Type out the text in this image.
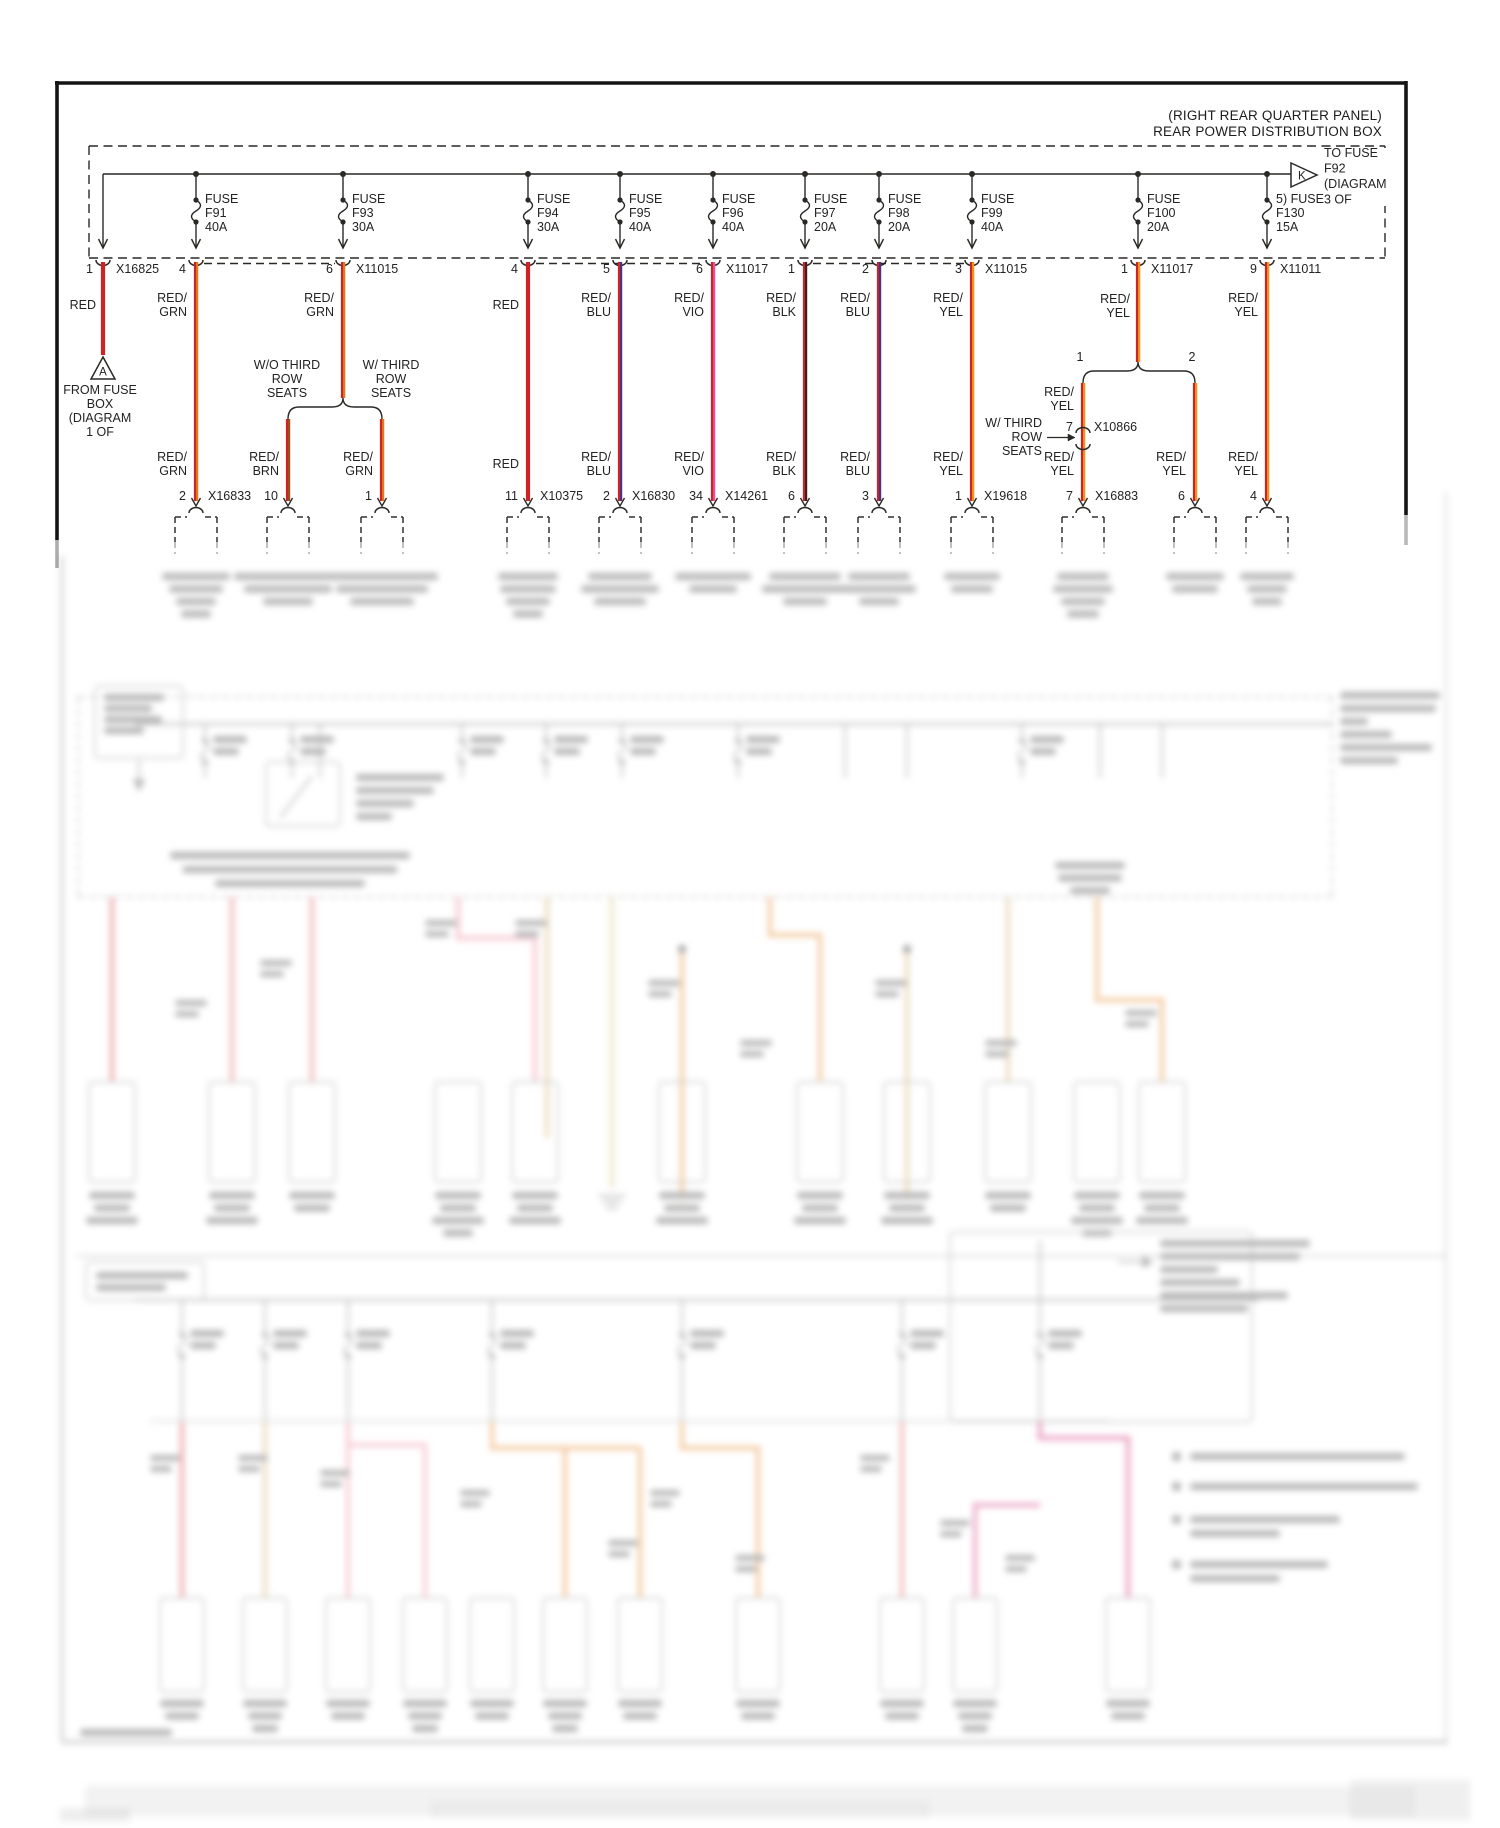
FUSE
F91
40A
FUSE
F93
30A
FUSE
F94
30A
FUSE
F95
40A
FUSE
F96
40A
FUSE
F97
20A
FUSE
F98
20A
FUSE
F99
40A
FUSE
F100
20A
5) FUSE
F130
15A
1 X16825 4	6 X11015	4	5	6 X11017 1	2	3 X11015	1 X11017	9 X11011
RED
A
FROM FUSE
BOX
(DIAGRAM
1 OF
RED/
GRN	RED	RED/
BLU
RED/
VIO
RED/
BLK
RED/
BLU
RED/
YEL
RED/
YEL
RED/
GRN
W/O THIRD
ROW
SEATS
W/ THIRD
ROW
SEATS
RED/
YEL
1	2
RED/
YEL
7 X10866
W/ THIRD
ROW
SEATS
RED/
GRN
2 X16833
RED/
BRN
10
RED/
GRN
1
RED
11 X10375
RED/
BLU
2 X16830
RED/
VIO
34 X14261
RED/
BLK
6
RED/
BLU
3
RED/
YEL
1 X19618
RED/
YEL
7 X16883
RED/
YEL
6
RED/
YEL
4
K
TO FUSE
F92
(DIAGRAM
3 OF
(RIGHT REAR QUARTER PANEL)
REAR POWER DISTRIBUTION BOX
